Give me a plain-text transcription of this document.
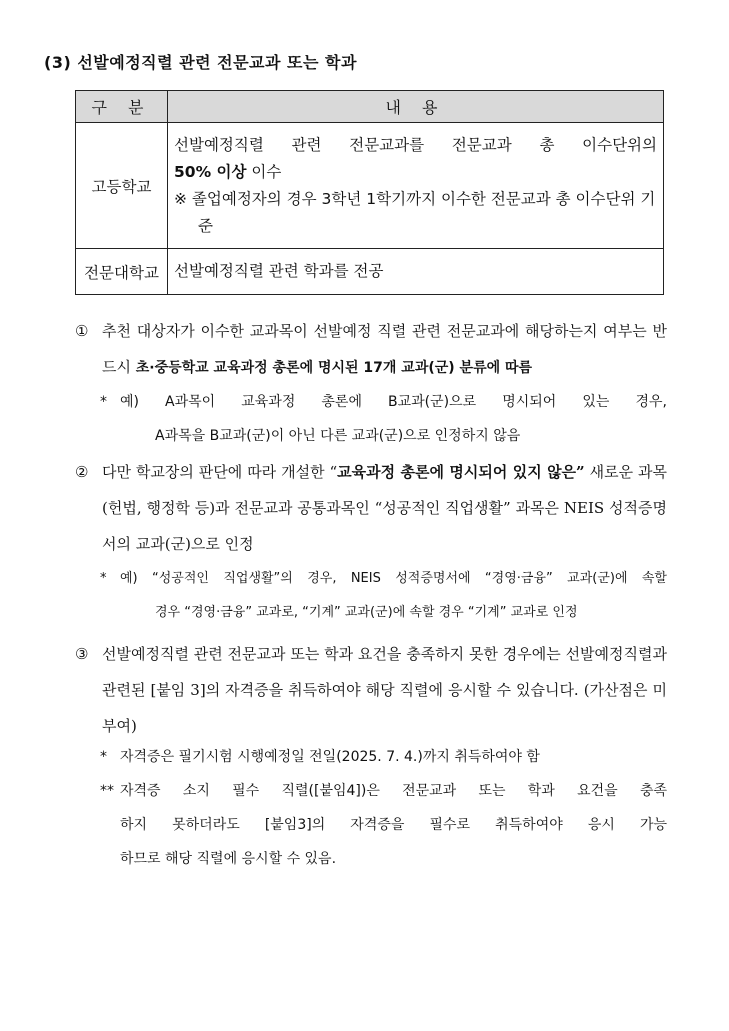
(3) 선발예정직렬 관련 전문교과 또는 학과
구 분	내 용
고등학교	선발예정직렬 관련 전문교과를 전문교과 총 이수단위의
50% 이상 이수
※ 졸업예정자의 경우 3학년 1학기까지 이수한 전문교과 총 이수단위 기준

전문대학교	선발예정직렬 관련 학과를 전공
① 추천 대상자가 이수한 교과목이 선발예정 직렬 관련 전문교과에 해당하는지 여부는 반드시 초·중등학교 교육과정 총론에 명시된 17개 교과(군) 분류에 따름
* 예) A과목이 교육과정 총론에 B교과(군)으로 명시되어 있는 경우,
A과목을 B교과(군)이 아닌 다른 교과(군)으로 인정하지 않음
② 다만 학교장의 판단에 따라 개설한 “교육과정 총론에 명시되어 있지 않은” 새로운 과목(헌법, 행정학 등)과 전문교과 공통과목인 “성공적인 직업생활” 과목은 NEIS 성적증명서의 교과(군)으로 인정
* 예) “성공적인 직업생활”의 경우, NEIS 성적증명서에 “경영·금융” 교과(군)에 속할
경우 “경영·금융” 교과로, “기계” 교과(군)에 속할 경우 “기계” 교과로 인정
③ 선발예정직렬 관련 전문교과 또는 학과 요건을 충족하지 못한 경우에는 선발예정직렬과 관련된 [붙임 3]의 자격증을 취득하여야 해당 직렬에 응시할 수 있습니다. (가산점은 미부여)
* 자격증은 필기시험 시행예정일 전일(2025. 7. 4.)까지 취득하여야 함
** 자격증 소지 필수 직렬([붙임4])은 전문교과 또는 학과 요건을 충족
하지 못하더라도 [붙임3]의 자격증을 필수로 취득하여야 응시 가능
하므로 해당 직렬에 응시할 수 있음.
